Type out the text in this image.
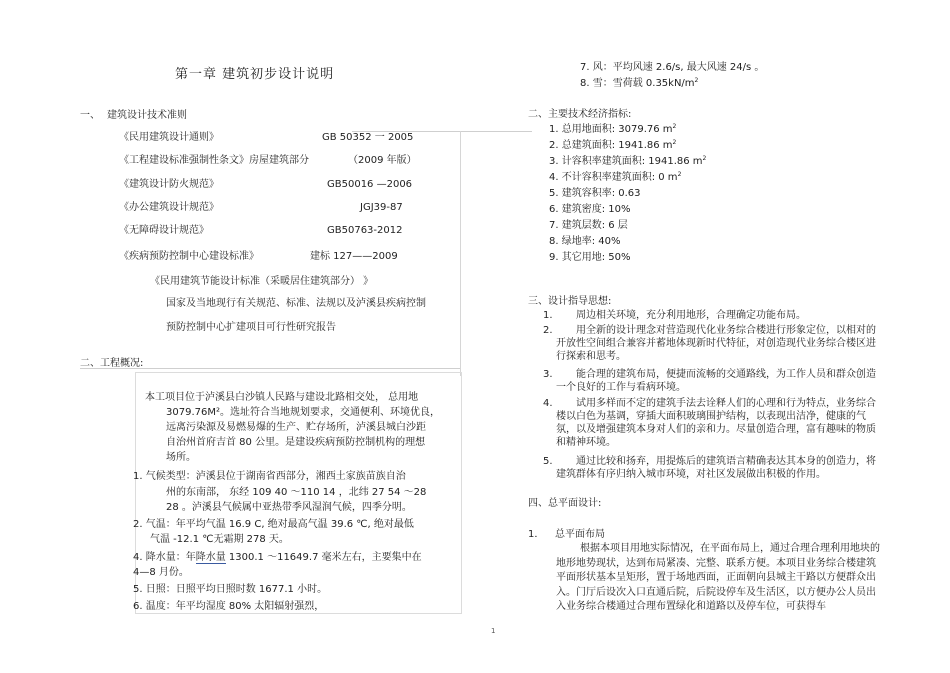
第一章 建筑初步设计说明
一、 建筑设计技术准则
《民用建筑设计通则》	GB 50352 一 2005
《工程建设标准强制性条文》房屋建筑部分	（2009 年版）
《建筑设计防火规范》	GB50016 —2006
《办公建筑设计规范》	JGJ39-87
《无障碍设计规范》	GB50763-2012
《疾病预防控制中心建设标准》	建标 127——2009
《民用建筑节能设计标准（采暖居住建筑部分） 》
国家及当地现行有关规范、标准、法规以及泸溪县疾病控制
预防控制中心扩建项目可行性研究报告
二、工程概况:
本工项目位于泸溪县白沙镇人民路与建设北路相交处， 总用地
3079.76M²。选址符合当地规划要求，交通便利、环境优良，
远离污染源及易燃易爆的生产、贮存场所，泸溪县城白沙距
自治州首府吉首 80 公里。是建设疾病预防控制机构的理想
场所。
1. 气候类型：泸溪县位于湖南省西部分，湘西土家族苗族自治
州的东南部， 东经 109 40 ～110 14 ，北纬 27 54 ～28
28 。泸溪县气候属中亚热带季风湿润气候，四季分明。
2. 气温：年平均气温 16.9 C, 绝对最高气温 39.6 ℃, 绝对最低
气温 -12.1 ℃无霜期 278 天。
4. 降水量：年降水量 1300.1 ～11649.7 毫米左右，主要集中在
4—8 月份。
5. 日照：日照平均日照时数 1677.1 小时。
6. 温度：年平均湿度 80% 太阳辐射强烈，
7. 风：平均风速 2.6/s, 最大风速 24/s 。
8. 雪：雪荷载 $0.35kN/m^2$
二、主要技术经济指标:
1. 总用地面积: 3079.76 $m^2$
2. 总建筑面积: 1941.86 $m^2$
3. 计容积率建筑面积: 1941.86 $m^2$
4. 不计容积率建筑面积: 0 $m^2$
5. 建筑容积率: 0.63
6. 建筑密度: 10%
7. 建筑层数: 6 层
8. 绿地率: 40%
9. 其它用地: 50%
三、设计指导思想:
1.	周边相关环境，充分利用地形，合理确定功能布局。
2.	用全新的设计理念对营造现代化业务综合楼进行形象定位，以相对的开放性空间组合兼容并蓄地体现新时代特征，对创造现代业务综合楼区进行探索和思考。
3.	能合理的建筑布局，便捷而流畅的交通路线，为工作人员和群众创造一个良好的工作与看病环境。
4.	试用多样而不定的建筑手法去诠释人们的心理和行为特点，业务综合楼以白色为基调，穿插大面积玻璃围护结构，以表现出洁净，健康的气氛，以及增强建筑本身对人们的亲和力。尽量创造合理，富有趣味的物质和精神环境。
5.	通过比较和扬弃，用提炼后的建筑语言精确表达其本身的创造力，将建筑群体有序归纳入城市环境，对社区发展做出积极的作用。
四、总平面设计:
1． 总平面布局
根据本项目用地实际情况，在平面布局上，通过合理合理利用地块的地形地势现状，达到布局紧凑、完整、联系方便。本项目业务综合楼建筑平面形状基本呈矩形，置于场地西面，正面朝向县城主干路以方便群众出入。门厅后设次入口直通后院，后院设停车及生活区，以方便办公人员出入业务综合楼通过合理布置绿化和道路以及停车位，可获得车
1
